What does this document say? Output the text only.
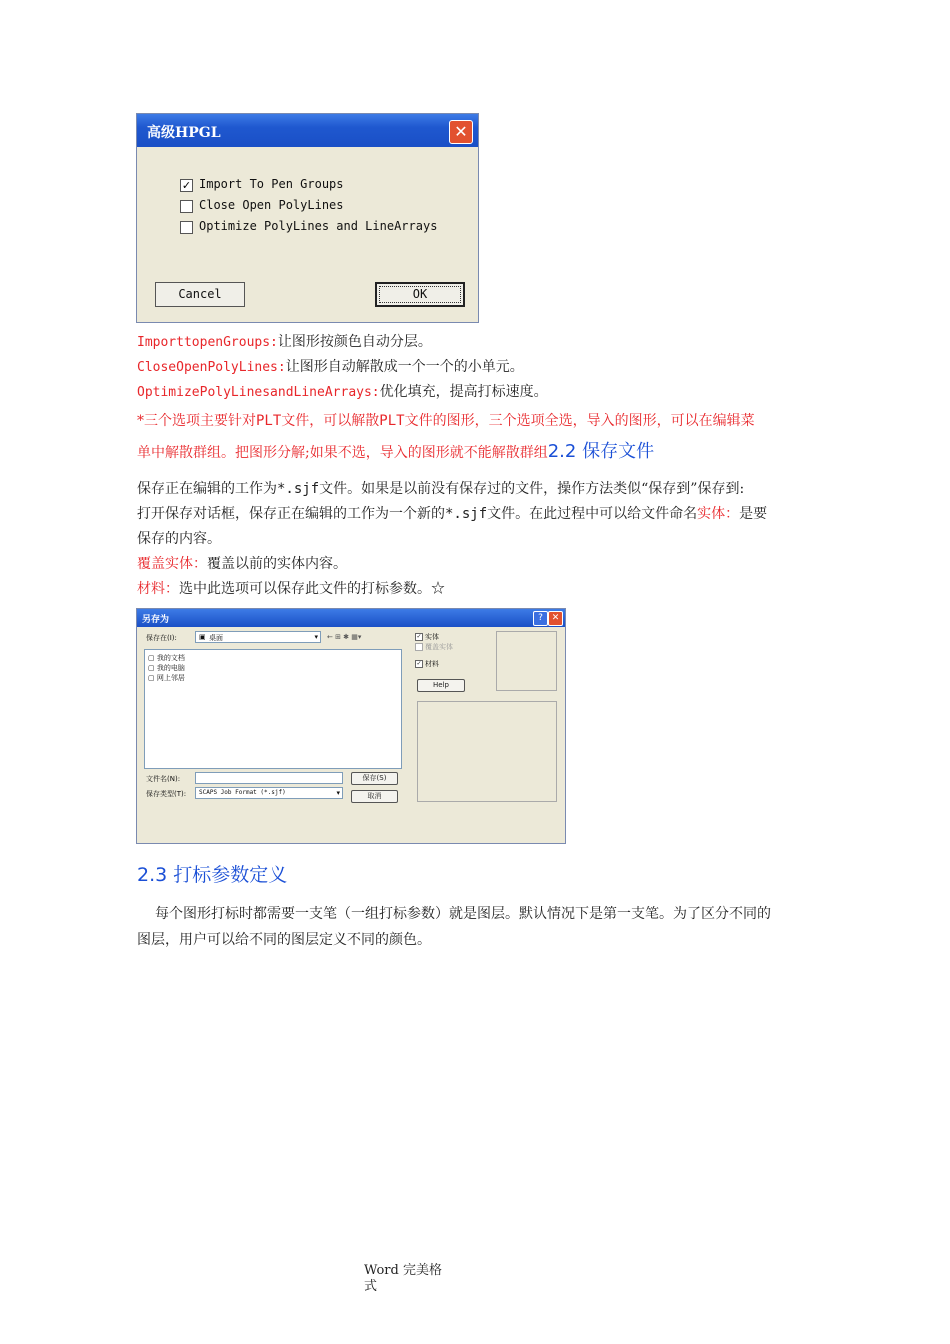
高级HPGL	✕
✓ Import To Pen Groups
Close Open PolyLines
Optimize PolyLines and LineArrays
Cancel	OK
ImporttopenGroups:让图形按颜色自动分层。
CloseOpenPolyLines:让图形自动解散成一个一个的小单元。
OptimizePolyLinesandLineArrays:优化填充，提高打标速度。
*三个选项主要针对PLT文件，可以解散PLT文件的图形，三个选项全选，导入的图形，可以在编辑菜
单中解散群组。把图形分解;如果不选，导入的图形就不能解散群组2.2 保存文件
保存正在编辑的工作为*.sjf文件。如果是以前没有保存过的文件，操作方法类似“保存到”保存到:
打开保存对话框，保存正在编辑的工作为一个新的*.sjf文件。在此过程中可以给文件命名实体：是要
保存的内容。
覆盖实体：覆盖以前的实体内容。
材料：选中此选项可以保存此文件的打标参数。☆
另存为	? ✕
保存在(I):	▣ 桌面	▾ ← ⊞ ✱ ▦▾
▢ 我的文档
▢ 我的电脑
▢ 网上邻居
✓ 实体
覆盖实体
✓ 材料
Help
文件名(N):	保存(S)
保存类型(T): SCAPS Job Format (*.sjf)	▾	取消
2.3 打标参数定义
每个图形打标时都需要一支笔（一组打标参数）就是图层。默认情况下是第一支笔。为了区分不同的
图层，用户可以给不同的图层定义不同的颜色。
Word 完美格
式
